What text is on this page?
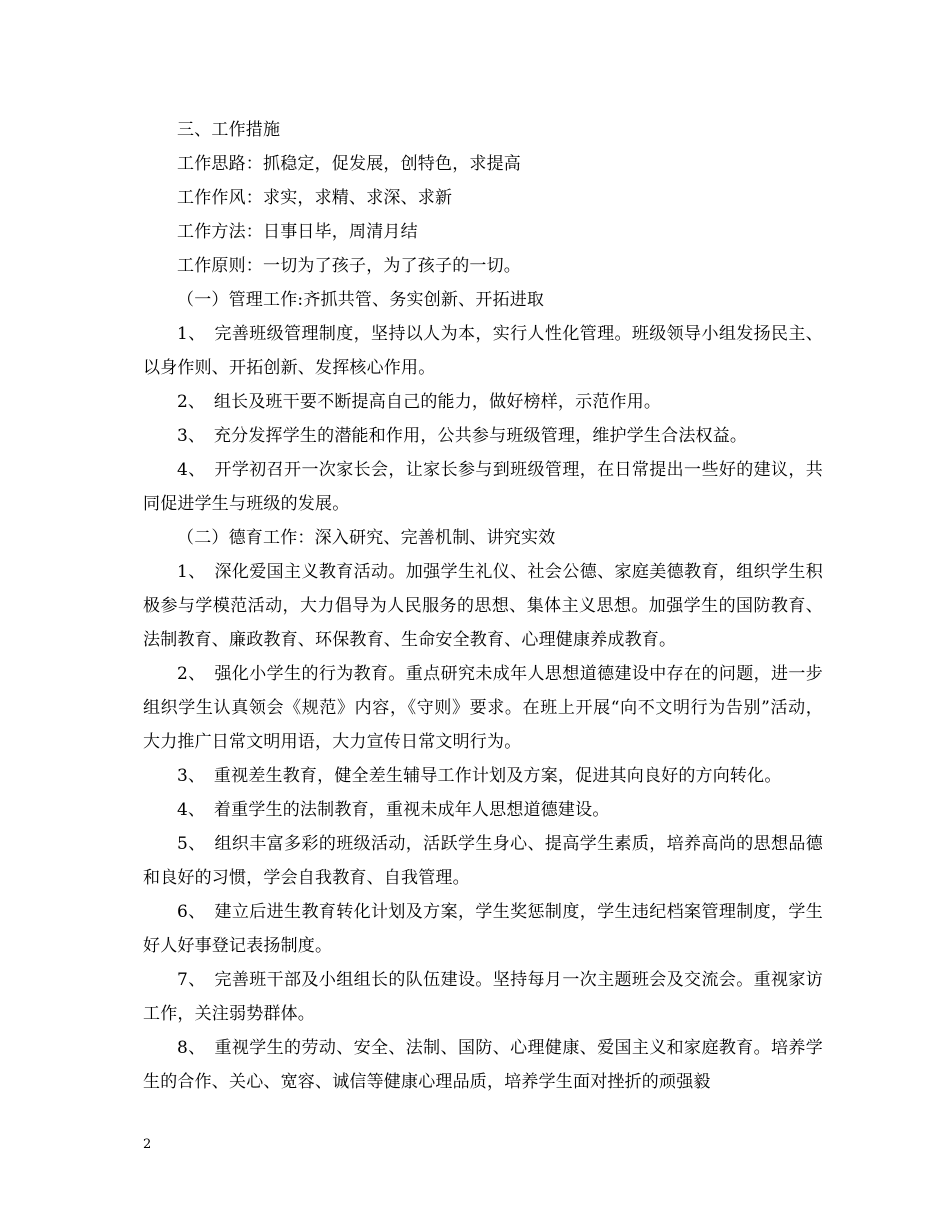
三、工作措施

工作思路：抓稳定，促发展，创特色，求提高

工作作风：求实，求精、求深、求新

工作方法：日事日毕，周清月结

工作原则：一切为了孩子，为了孩子的一切。

（一）管理工作:齐抓共管、务实创新、开拓进取

1、　完善班级管理制度，坚持以人为本，实行人性化管理。班级领导小组发扬民主、以身作则、开拓创新、发挥核心作用。

2、　组长及班干要不断提高自己的能力，做好榜样，示范作用。

3、　充分发挥学生的潜能和作用，公共参与班级管理，维护学生合法权益。

4、　开学初召开一次家长会，让家长参与到班级管理，在日常提出一些好的建议，共同促进学生与班级的发展。

（二）德育工作：深入研究、完善机制、讲究实效

1、　深化爱国主义教育活动。加强学生礼仪、社会公德、家庭美德教育，组织学生积极参与学模范活动，大力倡导为人民服务的思想、集体主义思想。加强学生的国防教育、法制教育、廉政教育、环保教育、生命安全教育、心理健康养成教育。

2、　强化小学生的行为教育。重点研究未成年人思想道德建设中存在的问题，进一步组织学生认真领会《规范》内容，《守则》要求。在班上开展“向不文明行为告别”活动，大力推广日常文明用语，大力宣传日常文明行为。

3、　重视差生教育，健全差生辅导工作计划及方案，促进其向良好的方向转化。

4、　着重学生的法制教育，重视未成年人思想道德建设。

5、　组织丰富多彩的班级活动，活跃学生身心、提高学生素质，培养高尚的思想品德和良好的习惯，学会自我教育、自我管理。

6、　建立后进生教育转化计划及方案，学生奖惩制度，学生违纪档案管理制度，学生好人好事登记表扬制度。

7、　完善班干部及小组组长的队伍建设。坚持每月一次主题班会及交流会。重视家访工作，关注弱势群体。

8、　重视学生的劳动、安全、法制、国防、心理健康、爱国主义和家庭教育。培养学生的合作、关心、宽容、诚信等健康心理品质，培养学生面对挫折的顽强毅

2
